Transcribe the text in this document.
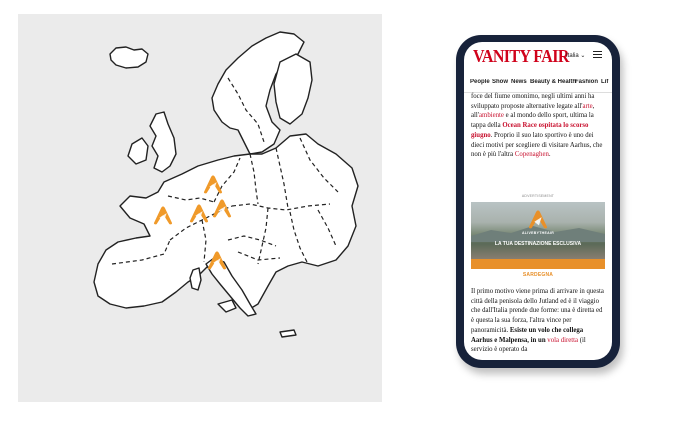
VANITY FAIR
Italia ⌄
People Show News Beauty & Health
Fashion Lif

foce del fiume omonimo, negli ultimi anni ha sviluppato proposte alternative legate all'arte, all'ambiente e al mondo dello sport, ultima la tappa della Ocean Race ospitata lo scorso giugno. Proprio il suo lato sportivo è uno dei dieci motivi per scegliere di visitare Aarhus, che non è più l'altra Copenaghen.

ADVERTISEMENT
ALIVEBYTHEAIR
LA TUA DESTINAZIONE ESCLUSIVA
SARDEGNA

Il primo motivo viene prima di arrivare in questa città della penisola dello Jutland ed è il viaggio che dall'Italia prende due forme: una è diretta ed è questa la sua forza, l'altra vince per panoramicità. Esiste un volo che collega Aarhus e Malpensa, in un vola diretta (il servizio è operato da
